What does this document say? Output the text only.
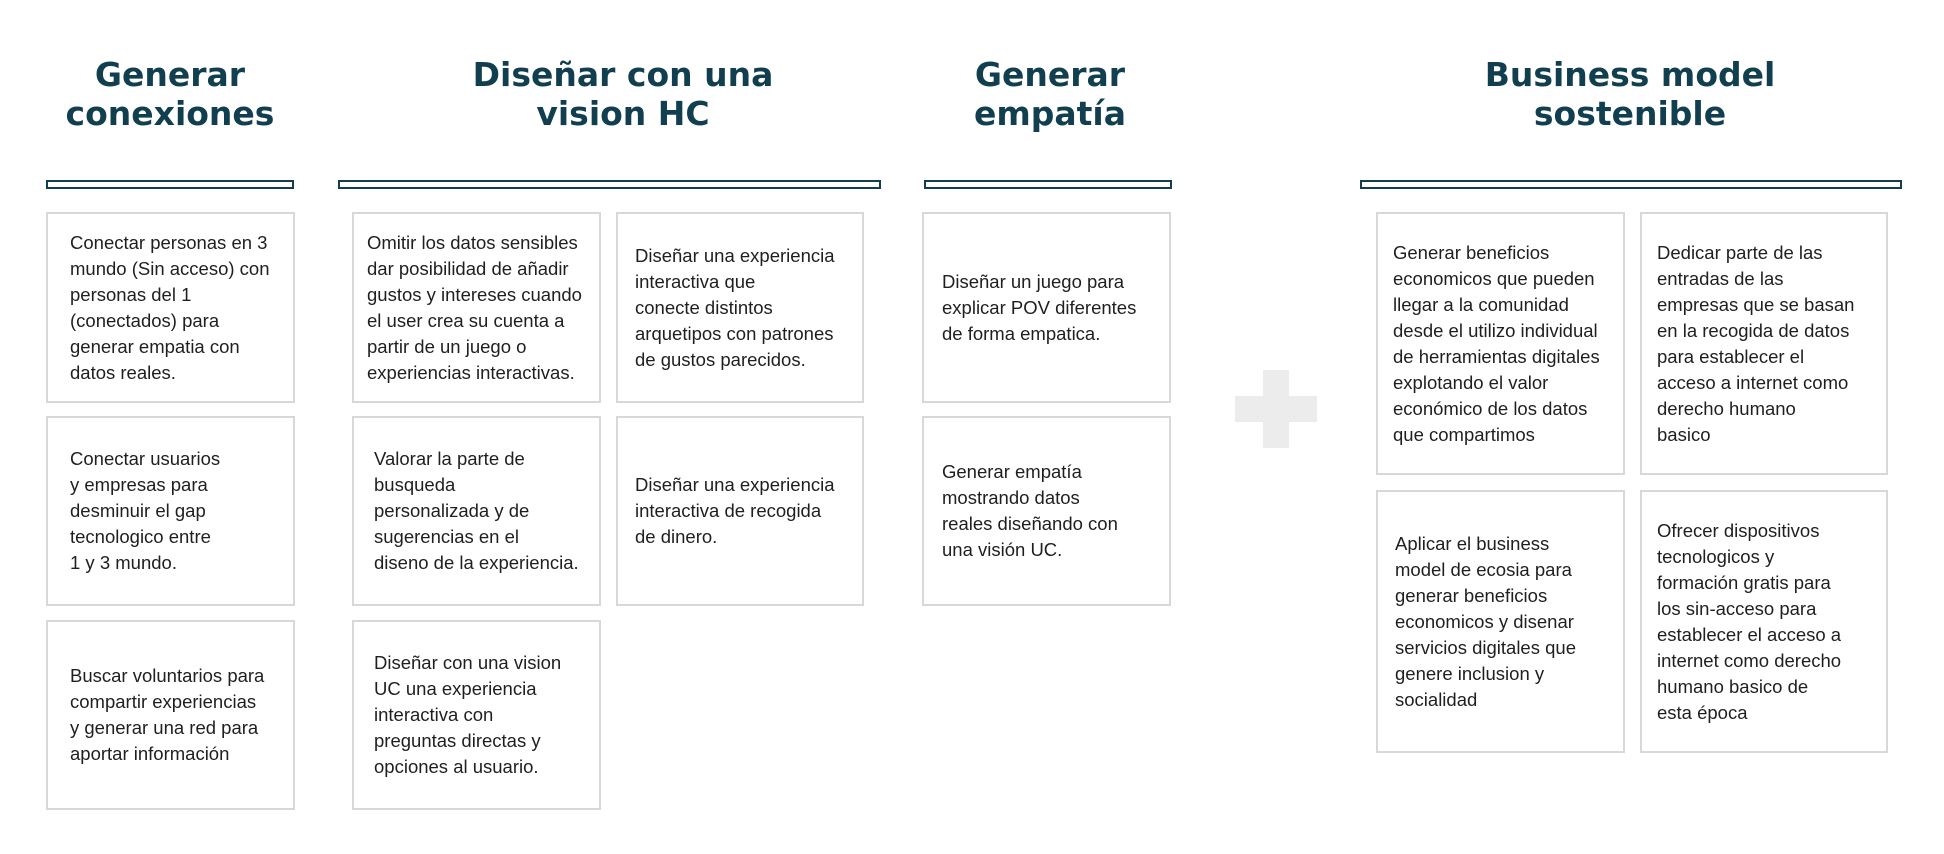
Generar
conexiones
Conectar personas en 3
mundo (Sin acceso) con
personas del 1
(conectados) para
generar empatia con
datos reales.
Conectar usuarios
y empresas para
desminuir el gap
tecnologico entre
1 y 3 mundo.
Buscar voluntarios para
compartir experiencias
y generar una red para
aportar información
Diseñar con una
vision HC
Omitir los datos sensibles
dar posibilidad de añadir
gustos y intereses cuando
el user crea su cuenta a
partir de un juego o
experiencias interactivas.
Diseñar una experiencia
interactiva que
conecte distintos
arquetipos con patrones
de gustos parecidos.
Valorar la parte de
busqueda
personalizada y de
sugerencias en el
diseno de la experiencia.
Diseñar una experiencia
interactiva de recogida
de dinero.
Diseñar con una vision
UC una experiencia
interactiva con
preguntas directas y
opciones al usuario.
Generar
empatía
Diseñar un juego para
explicar POV diferentes
de forma empatica.
Generar empatía
mostrando datos
reales diseñando con
una visión UC.
Business model
sostenible
Generar beneficios
economicos que pueden
llegar a la comunidad
desde el utilizo individual
de herramientas digitales
explotando el valor
económico de los datos
que compartimos
Dedicar parte de las
entradas de las
empresas que se basan
en la recogida de datos
para establecer el
acceso a internet como
derecho humano
basico
Aplicar el business
model de ecosia para
generar beneficios
economicos y disenar
servicios digitales que
genere inclusion y
socialidad
Ofrecer dispositivos
tecnologicos y
formación gratis para
los sin-acceso para
establecer el acceso a
internet como derecho
humano basico de
esta época
